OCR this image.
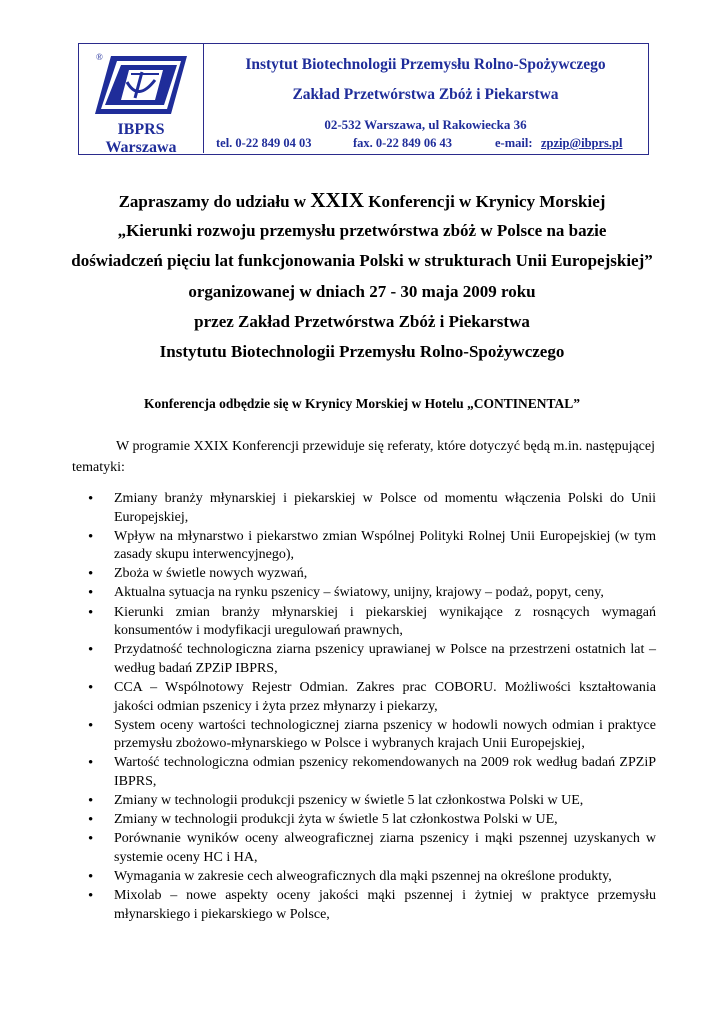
®
IBPRS
Warszawa
Instytut Biotechnologii Przemysłu Rolno-Spożywczego
Zakład Przetwórstwa Zbóż i Piekarstwa
02-532 Warszawa, ul Rakowiecka 36
tel. 0-22 849 04 03	fax. 0-22 849 06 43	e-mail: zpzip@ibprs.pl
Zapraszamy do udziału w XXIX Konferencji w Krynicy Morskiej
„Kierunki rozwoju przemysłu przetwórstwa zbóż w Polsce na bazie
doświadczeń pięciu lat funkcjonowania Polski w strukturach Unii Europejskiej”
organizowanej w dniach 27 - 30 maja 2009 roku
przez Zakład Przetwórstwa Zbóż i Piekarstwa
Instytutu Biotechnologii Przemysłu Rolno-Spożywczego
Konferencja odbędzie się w Krynicy Morskiej w Hotelu „CONTINENTAL”
W programie XXIX Konferencji przewiduje się referaty, które dotyczyć będą m.in. następującej tematyki:
• Zmiany branży młynarskiej i piekarskiej w Polsce od momentu włączenia Polski do Unii Europejskiej,
• Wpływ na młynarstwo i piekarstwo zmian Wspólnej Polityki Rolnej Unii Europejskiej (w tym zasady skupu interwencyjnego),
• Zboża w świetle nowych wyzwań,
• Aktualna sytuacja na rynku pszenicy – światowy, unijny, krajowy – podaż, popyt, ceny,
• Kierunki zmian branży młynarskiej i piekarskiej wynikające z rosnących wymagań konsumentów i modyfikacji uregulowań prawnych,
• Przydatność technologiczna ziarna pszenicy uprawianej w Polsce na przestrzeni ostatnich lat – według badań ZPZiP IBPRS,
• CCA – Wspólnotowy Rejestr Odmian. Zakres prac COBORU. Możliwości kształtowania jakości odmian pszenicy i żyta przez młynarzy i piekarzy,
• System oceny wartości technologicznej ziarna pszenicy w hodowli nowych odmian i praktyce przemysłu zbożowo-młynarskiego w Polsce i wybranych krajach Unii Europejskiej,
• Wartość technologiczna odmian pszenicy rekomendowanych na 2009 rok według badań ZPZiP IBPRS,
• Zmiany w technologii produkcji pszenicy w świetle 5 lat członkostwa Polski w UE,
• Zmiany w technologii produkcji żyta w świetle 5 lat członkostwa Polski w UE,
• Porównanie wyników oceny alweograficznej ziarna pszenicy i mąki pszennej uzyskanych w systemie oceny HC i HA,
• Wymagania w zakresie cech alweograficznych dla mąki pszennej na określone produkty,
• Mixolab – nowe aspekty oceny jakości mąki pszennej i żytniej w praktyce przemysłu młynarskiego i piekarskiego w Polsce,
